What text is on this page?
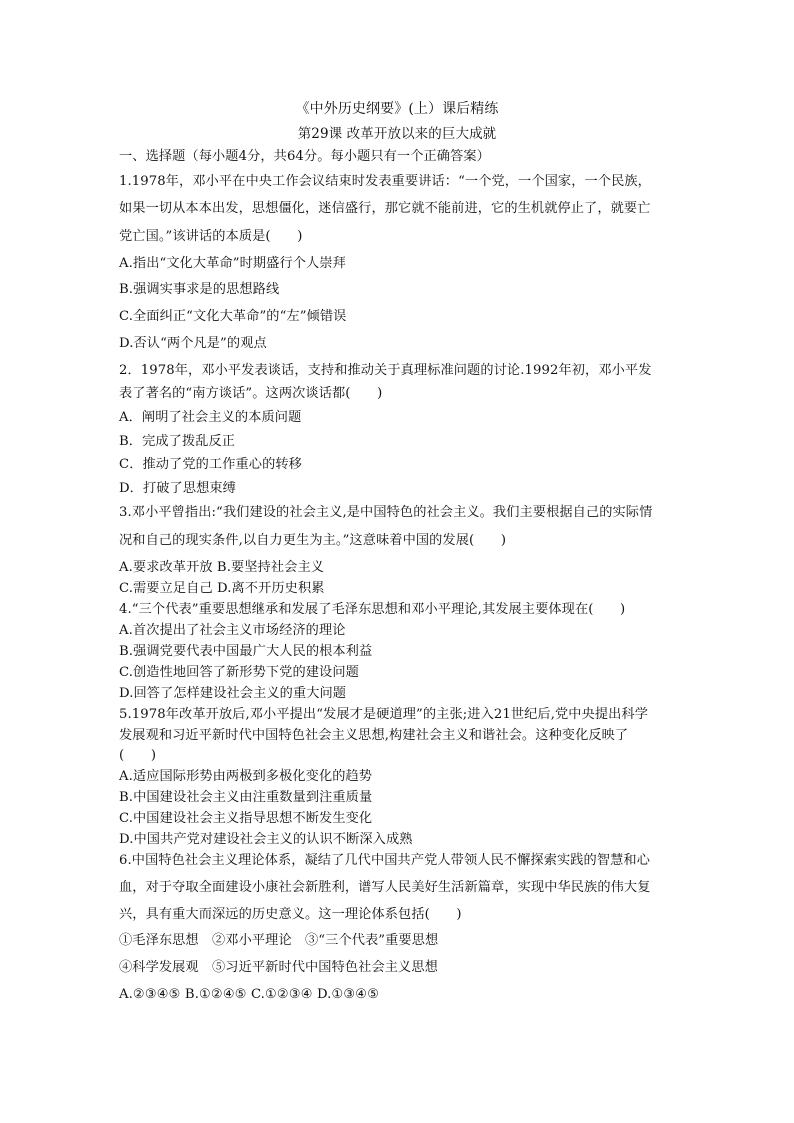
《中外历史纲要》(上）课后精练
第29课 改革开放以来的巨大成就
一、选择题（每小题4分，共64分。每小题只有一个正确答案）
1.1978年，邓小平在中央工作会议结束时发表重要讲话：“一个党，一个国家，一个民族，
如果一切从本本出发，思想僵化，迷信盛行，那它就不能前进，它的生机就停止了，就要亡
党亡国。”该讲话的本质是(　　)
A.指出“文化大革命”时期盛行个人崇拜
B.强调实事求是的思想路线
C.全面纠正“文化大革命”的“左”倾错误
D.否认“两个凡是”的观点
2．1978年，邓小平发表谈话，支持和推动关于真理标准问题的讨论.1992年初，邓小平发
表了著名的“南方谈话”。这两次谈话都(　　)
A．阐明了社会主义的本质问题
B．完成了拨乱反正
C．推动了党的工作重心的转移
D．打破了思想束缚
3.邓小平曾指出:“我们建设的社会主义,是中国特色的社会主义。我们主要根据自己的实际情
况和自己的现实条件,以自力更生为主。”这意味着中国的发展(　　)
A.要求改革开放 B.要坚持社会主义
C.需要立足自己 D.离不开历史积累
4.“三个代表”重要思想继承和发展了毛泽东思想和邓小平理论,其发展主要体现在(　　)
A.首次提出了社会主义市场经济的理论
B.强调党要代表中国最广大人民的根本利益
C.创造性地回答了新形势下党的建设问题
D.回答了怎样建设社会主义的重大问题
5.1978年改革开放后,邓小平提出“发展才是硬道理”的主张;进入21世纪后,党中央提出科学
发展观和习近平新时代中国特色社会主义思想,构建社会主义和谐社会。这种变化反映了
(　　)
A.适应国际形势由两极到多极化变化的趋势
B.中国建设社会主义由注重数量到注重质量
C.中国建设社会主义指导思想不断发生变化
D.中国共产党对建设社会主义的认识不断深入成熟
6.中国特色社会主义理论体系，凝结了几代中国共产党人带领人民不懈探索实践的智慧和心
血，对于夺取全面建设小康社会新胜利，谱写人民美好生活新篇章，实现中华民族的伟大复
兴，具有重大而深远的历史意义。这一理论体系包括(　　)
①毛泽东思想　②邓小平理论　③“三个代表”重要思想
④科学发展观　⑤习近平新时代中国特色社会主义思想
A.②③④⑤ B.①②④⑤ C.①②③④ D.①③④⑤
